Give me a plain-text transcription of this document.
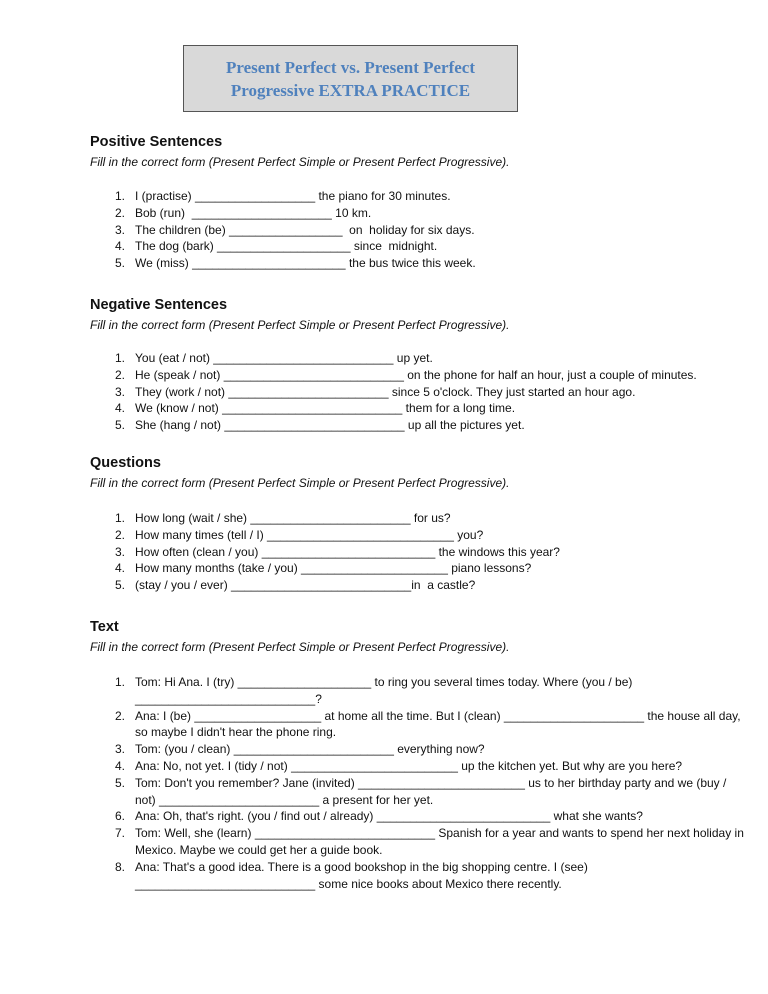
Present Perfect vs. Present Perfect
Progressive EXTRA PRACTICE

Positive Sentences

Fill in the correct form (Present Perfect Simple or Present Perfect Progressive).

1. I (practise) __________________ the piano for 30 minutes.
2. Bob (run)  _____________________ 10 km.
3. The children (be) _________________  on  holiday for six days.
4. The dog (bark) ____________________ since  midnight.
5. We (miss) _______________________ the bus twice this week.

Negative Sentences

Fill in the correct form (Present Perfect Simple or Present Perfect Progressive).

1. You (eat / not) ___________________________ up yet.
2. He (speak / not) ___________________________ on the phone for half an hour, just a couple of minutes.
3. They (work / not) ________________________ since 5 o'clock. They just started an hour ago.
4. We (know / not) ___________________________ them for a long time.
5. She (hang / not) ___________________________ up all the pictures yet.

Questions

Fill in the correct form (Present Perfect Simple or Present Perfect Progressive).

1. How long (wait / she) ________________________ for us?
2. How many times (tell / I) ____________________________ you?
3. How often (clean / you) __________________________ the windows this year?
4. How many months (take / you) ______________________ piano lessons?
5. (stay / you / ever) ___________________________in  a castle?

Text

Fill in the correct form (Present Perfect Simple or Present Perfect Progressive).

1. Tom: Hi Ana. I (try) ____________________ to ring you several times today. Where (you / be) ___________________________?
2. Ana: I (be) ___________________ at home all the time. But I (clean) _____________________ the house all day, so maybe I didn't hear the phone ring.
3. Tom: (you / clean) ________________________ everything now?
4. Ana: No, not yet. I (tidy / not) _________________________ up the kitchen yet. But why are you here?
5. Tom: Don't you remember? Jane (invited) _________________________ us to her birthday party and we (buy / not) ________________________ a present for her yet.
6. Ana: Oh, that's right. (you / find out / already) __________________________ what she wants?
7. Tom: Well, she (learn) ___________________________ Spanish for a year and wants to spend her next holiday in Mexico. Maybe we could get her a guide book.
8. Ana: That's a good idea. There is a good bookshop in the big shopping centre. I (see) ___________________________ some nice books about Mexico there recently.
